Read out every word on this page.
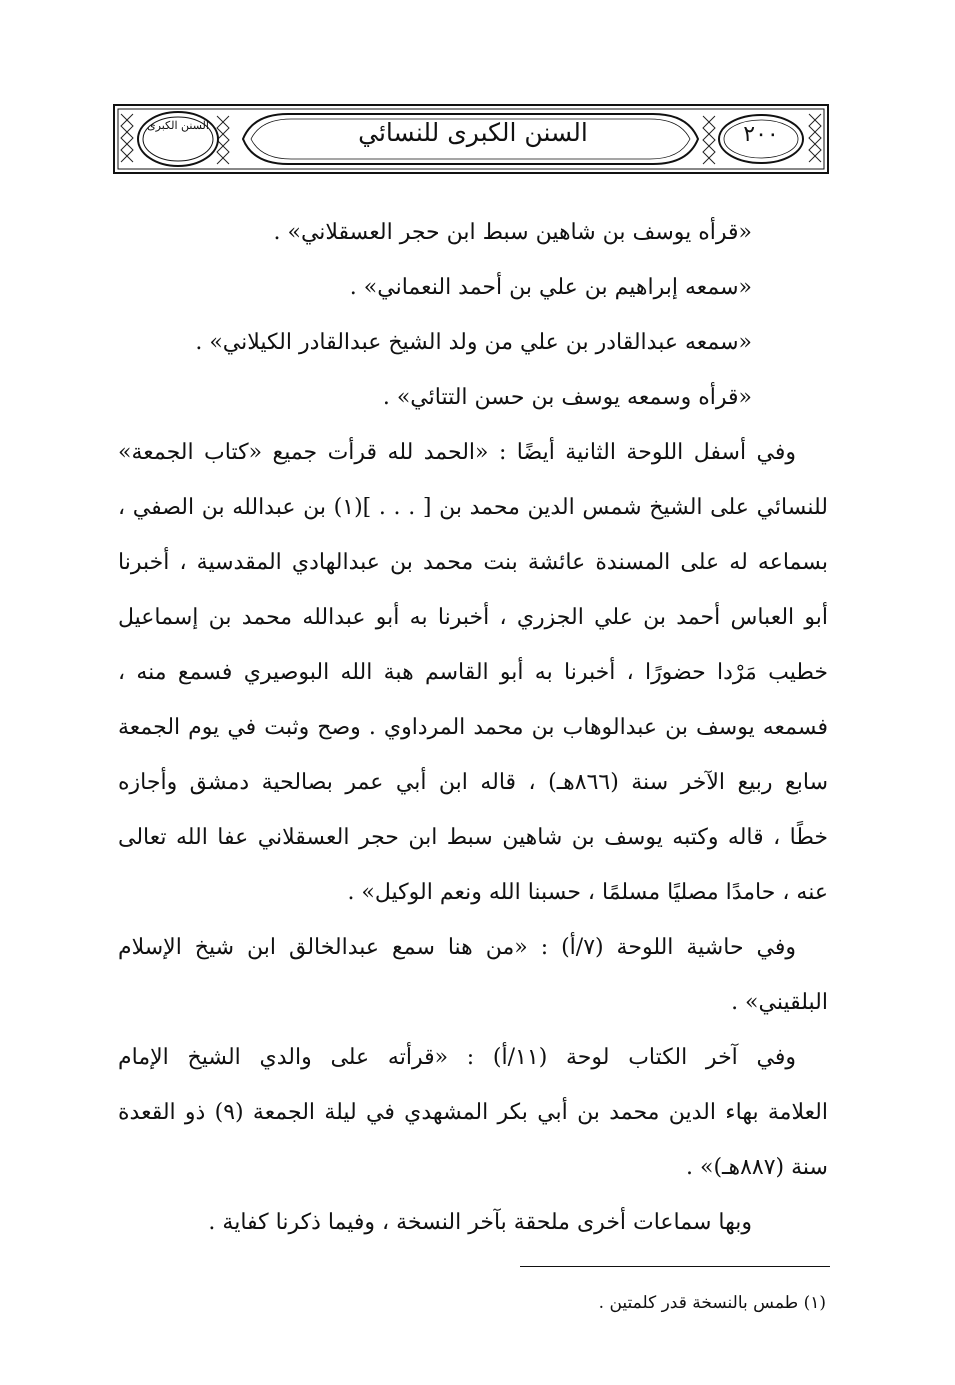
السنن الكبرى	السنن الكبرى للنسائي	٢٠٠
«قرأه يوسف بن شاهين سبط ابن حجر العسقلاني» .
«سمعه إبراهيم بن علي بن أحمد النعماني» .
«سمعه عبدالقادر بن علي من ولد الشيخ عبدالقادر الكيلاني» .
«قرأه وسمعه يوسف بن حسن التتائي» .
وفي أسفل اللوحة الثانية أيضًا : «الحمد لله قرأت جميع «كتاب الجمعة»
للنسائي على الشيخ شمس الدين محمد بن [ . . . ](١) بن عبدالله بن الصفي ،
بسماعه له على المسندة عائشة بنت محمد بن عبدالهادي المقدسية ، أخبرنا
أبو العباس أحمد بن علي الجزري ، أخبرنا به أبو عبدالله محمد بن إسماعيل
خطيب مَرْدا حضورًا ، أخبرنا به أبو القاسم هبة الله البوصيري فسمع منه ،
فسمعه يوسف بن عبدالوهاب بن محمد المرداوي . وصح وثبت في يوم الجمعة
سابع ربيع الآخر سنة (٨٦٦هـ) ، قاله ابن أبي عمر بصالحية دمشق وأجازه
خطًا ، قاله وكتبه يوسف بن شاهين سبط ابن حجر العسقلاني عفا الله تعالى
عنه ، حامدًا مصليًا مسلمًا ، حسبنا الله ونعم الوكيل» .
وفي حاشية اللوحة (٧/أ) : «من هنا سمع عبدالخالق ابن شيخ الإسلام
البلقيني» .
وفي آخر الكتاب لوحة (١١/أ) : «قرأته على والدي الشيخ الإمام
العلامة بهاء الدين محمد بن أبي بكر المشهدي في ليلة الجمعة (٩) ذو القعدة
سنة (٨٨٧هـ)» .
وبها سماعات أخرى ملحقة بآخر النسخة ، وفيما ذكرنا كفاية .
(١) طمس بالنسخة قدر كلمتين .
